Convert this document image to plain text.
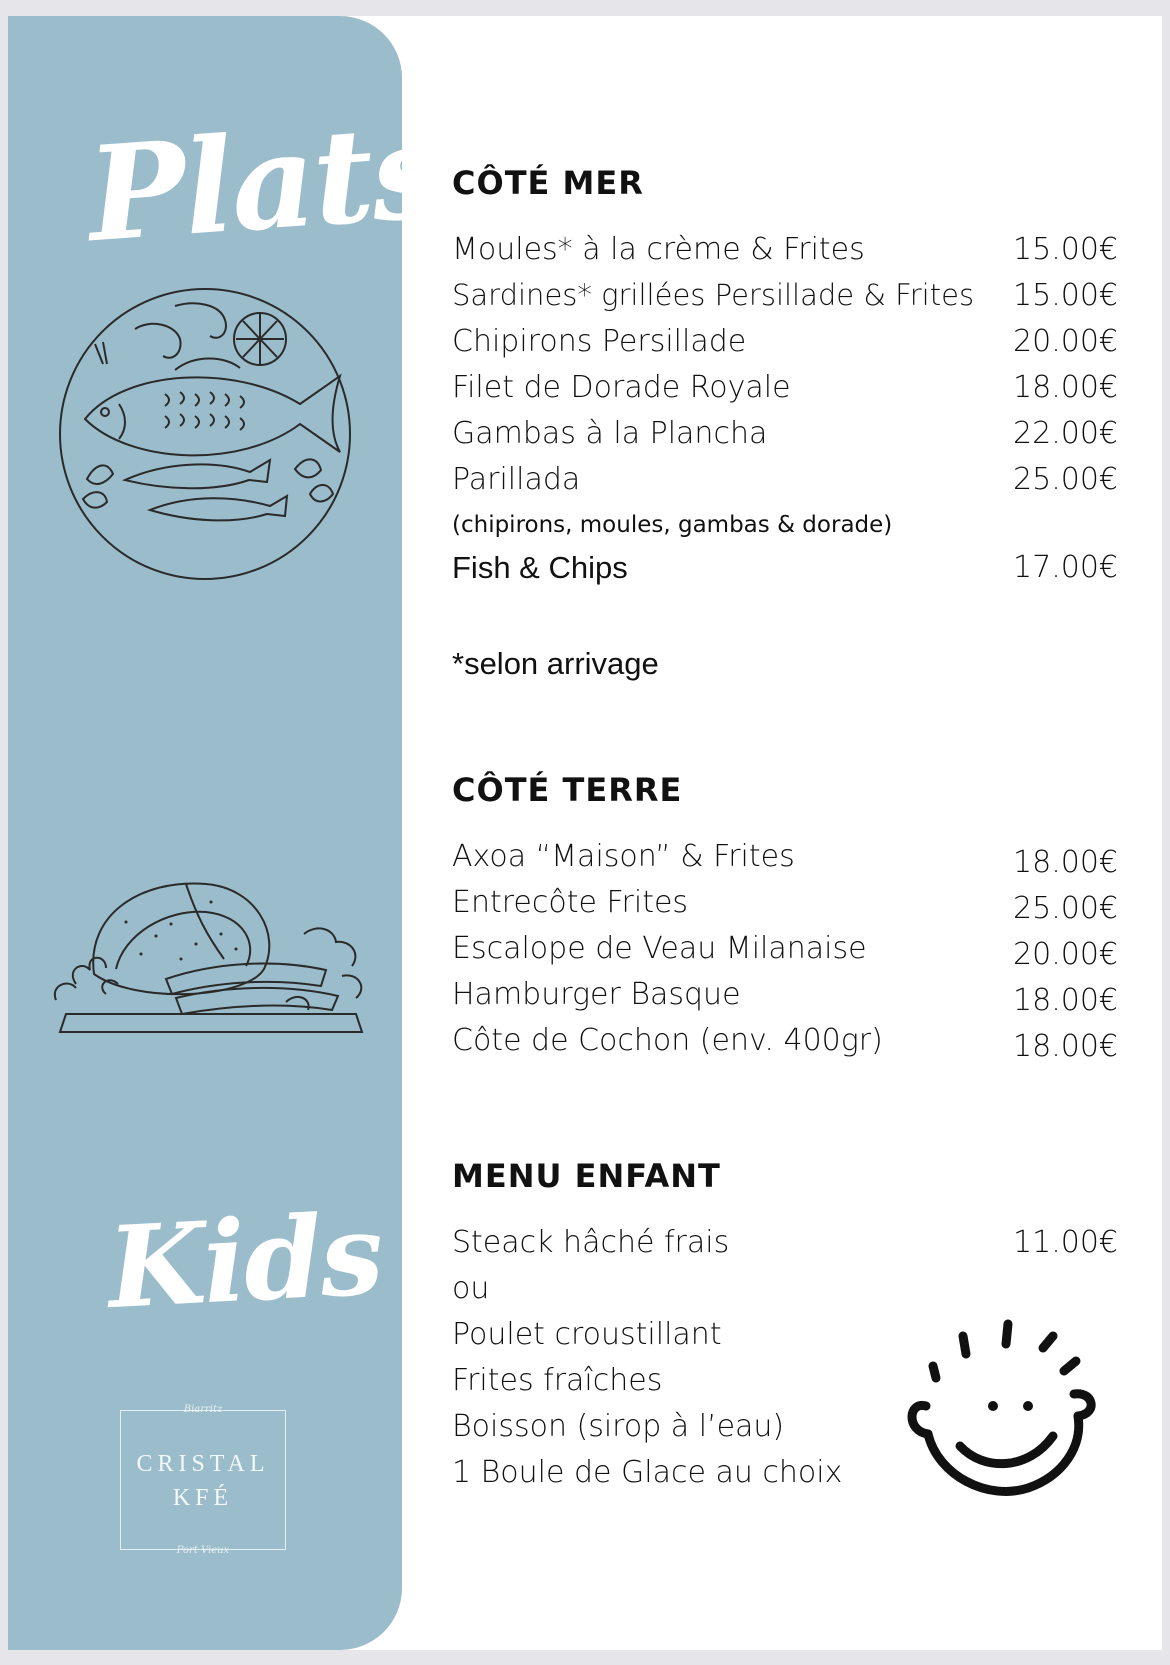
Plats
Kids
Biarritz
CRISTAL
KFÉ
Port Vieux
CÔTÉ MER
Moules* à la crème & Frites	15.00€
Sardines* grillées Persillade & Frites 15.00€
Chipirons Persillade	20.00€
Filet de Dorade Royale	18.00€
Gambas à la Plancha	22.00€
Parillada	25.00€
(chipirons, moules, gambas & dorade)
Fish & Chips	17.00€
*selon arrivage
CÔTÉ TERRE
Axoa “Maison” & Frites	18.00€
Entrecôte Frites	25.00€
Escalope de Veau Milanaise	20.00€
Hamburger Basque	18.00€
Côte de Cochon (env. 400gr)	18.00€
MENU ENFANT
Steack hâché frais	11.00€
ou
Poulet croustillant
Frites fraîches
Boisson (sirop à l’eau)
1 Boule de Glace au choix
